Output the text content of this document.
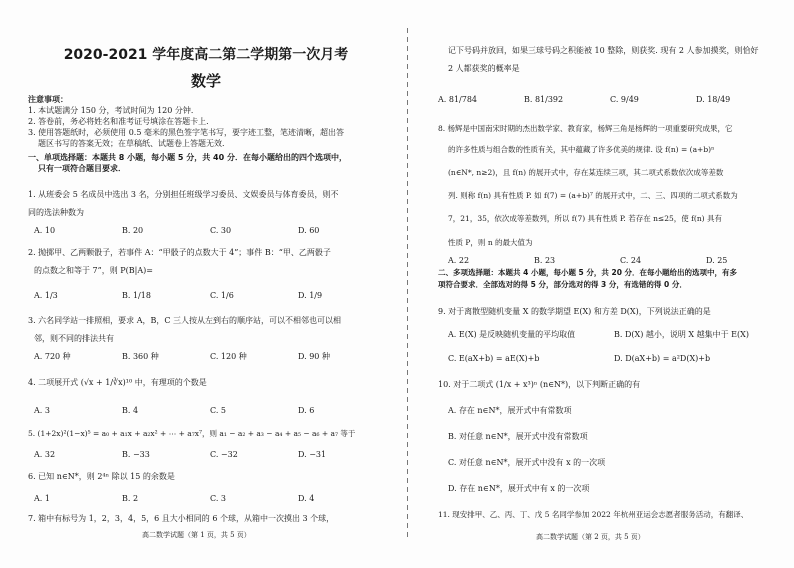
2020-2021 学年度高二第二学期第一次月考
数学
注意事项：
1. 本试题满分 150 分，考试时间为 120 分钟．
2. 答卷前，务必将姓名和准考证号填涂在答题卡上．
3. 使用答题纸时，必须使用 0.5 毫米的黑色签字笔书写，要字迹工整，笔迹清晰，超出答
题区书写的答案无效；在草稿纸、试题卷上答题无效．
一、单项选择题：本题共 8 小题，每小题 5 分，共 40 分．在每小题给出的四个选项中，
只有一项符合题目要求．
1. 从班委会 5 名成员中选出 3 名，分别担任班级学习委员、文娱委员与体育委员，则不
同的选法种数为
A. 10	B. 20	C. 30	D. 60
2. 抛掷甲、乙两颗骰子，若事件 A：“甲骰子的点数大于 4”；事件 B：“甲、乙两骰子
的点数之和等于 7”，则 P(B|A)=
A. 1/3	B. 1/18	C. 1/6	D. 1/9
3. 六名同学站一排照相，要求 A，B，C 三人按从左到右的顺序站，可以不相邻也可以相
邻，则不同的排法共有
A. 720 种	B. 360 种	C. 120 种	D. 90 种
4. 二项展开式 (√x + 1/∛x)¹⁰ 中，有理项的个数是
A. 3	B. 4	C. 5	D. 6
5. (1+2x)²(1−x)⁵ = a₀ + a₁x + a₂x² + ⋯ + a₇x⁷，则 a₁ − a₂ + a₃ − a₄ + a₅ − a₆ + a₇ 等于
A. 32	B. −33	C. −32	D. −31
6. 已知 n∈N*，则 2⁴ⁿ 除以 15 的余数是
A. 1	B. 2	C. 3	D. 4
7. 箱中有标号为 1，2，3，4，5，6 且大小相同的 6 个球，从箱中一次摸出 3 个球，
高二数学试题（第 1 页，共 5 页）
记下号码并放回，如果三球号码之积能被 10 整除，则获奖. 现有 2 人参加摸奖，则恰好
2 人都获奖的概率是
A. 81/784	B. 81/392	C. 9/49	D. 18/49
8. 杨辉是中国南宋时期的杰出数学家、教育家，杨辉三角是杨辉的一项重要研究成果，它
的许多性质与组合数的性质有关，其中蕴藏了许多优美的规律. 设 f(n) = (a+b)ⁿ
(n∈N*, n≥2)，且 f(n) 的展开式中，存在某连续三项，其二项式系数依次成等差数
列. 则称 f(n) 具有性质 P. 如 f(7) = (a+b)⁷ 的展开式中，二、三、四项的二项式系数为
7，21，35，依次成等差数列，所以 f(7) 具有性质 P. 若存在 n≤25，使 f(n) 具有
性质 P，则 n 的最大值为
A. 22	B. 23	C. 24	D. 25
二、多项选择题：本题共 4 小题，每小题 5 分，共 20 分．在每小题给出的选项中，有多
项符合要求．全部选对的得 5 分，部分选对的得 3 分，有选错的得 0 分．
9. 对于离散型随机变量 X 的数学期望 E(X) 和方差 D(X)，下列说法正确的是
A. E(X) 是反映随机变量的平均取值	B. D(X) 越小，说明 X 越集中于 E(X)
C. E(aX+b) = aE(X)+b	D. D(aX+b) = a²D(X)+b
10. 对于二项式 (1/x + x³)ⁿ (n∈N*)，以下判断正确的有
A. 存在 n∈N*，展开式中有常数项
B. 对任意 n∈N*，展开式中没有常数项
C. 对任意 n∈N*，展开式中没有 x 的一次项
D. 存在 n∈N*，展开式中有 x 的一次项
11. 现安排甲、乙、丙、丁、戊 5 名同学参加 2022 年杭州亚运会志愿者服务活动，有翻译、
高二数学试题（第 2 页，共 5 页）
